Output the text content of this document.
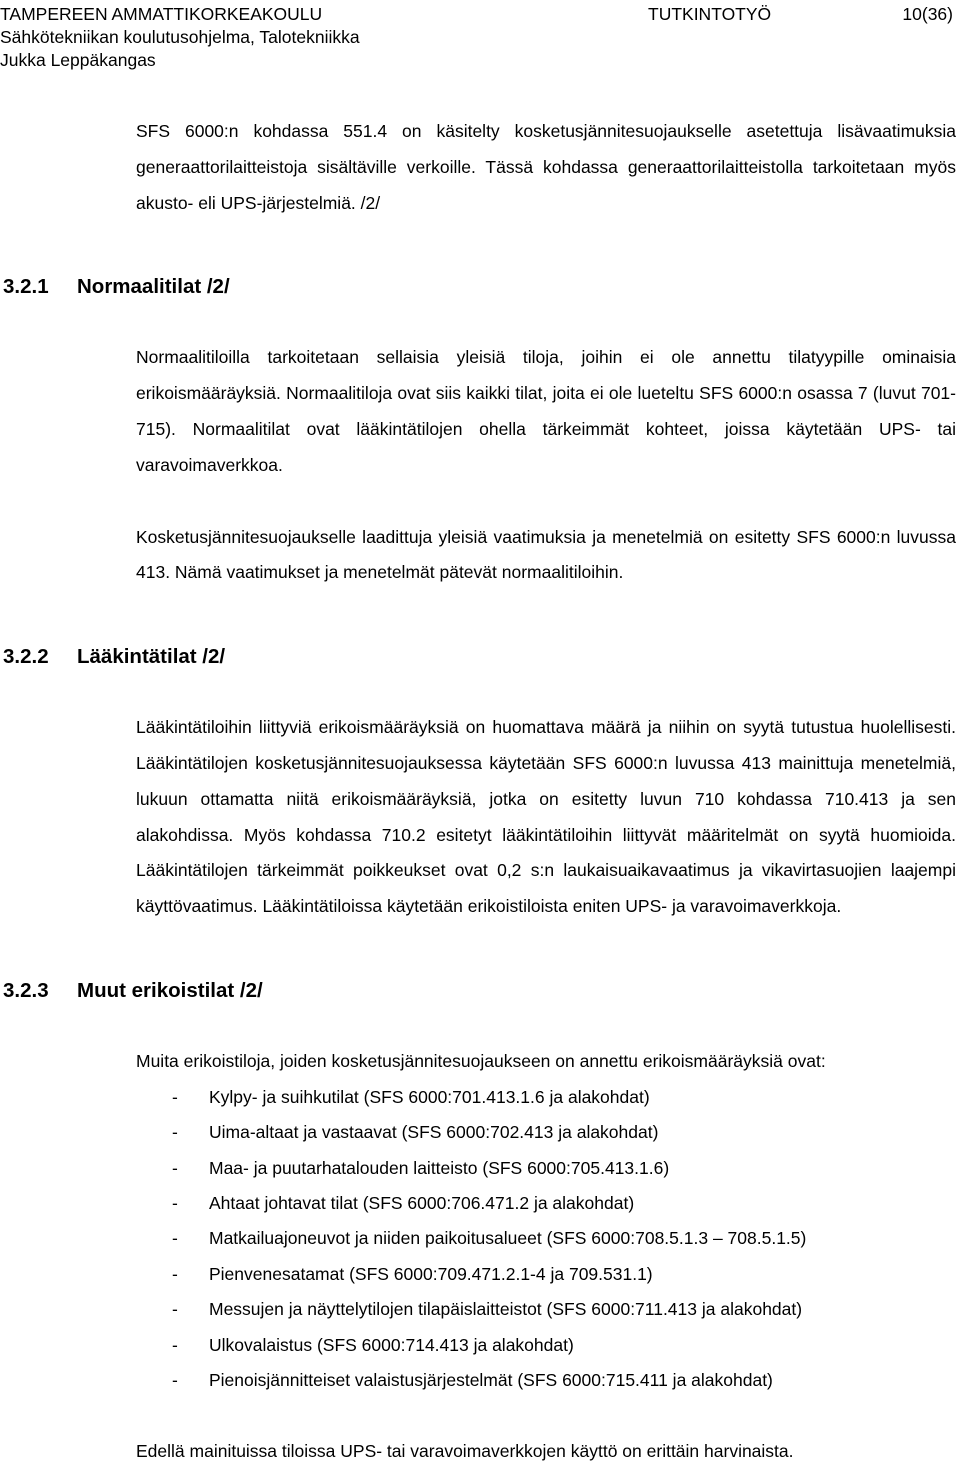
TAMPEREEN AMMATTIKORKEAKOULU	TUTKINTOTYÖ	10(36)
Sähkötekniikan koulutusohjelma, Talotekniikka
Jukka Leppäkangas

SFS 6000:n kohdassa 551.4 on käsitelty kosketusjännitesuojaukselle asetettuja lisävaatimuksia generaattorilaitteistoja sisältäville verkoille. Tässä kohdassa generaattorilaitteistolla tarkoitetaan myös akusto- eli UPS-järjestelmiä. /2/

3.2.1 Normaalitilat /2/

Normaalitiloilla tarkoitetaan sellaisia yleisiä tiloja, joihin ei ole annettu tilatyypille ominaisia erikoismääräyksiä. Normaalitiloja ovat siis kaikki tilat, joita ei ole lueteltu SFS 6000:n osassa 7 (luvut 701-715). Normaalitilat ovat lääkintätilojen ohella tärkeimmät kohteet, joissa käytetään UPS- tai varavoimaverkkoa.

Kosketusjännitesuojaukselle laadittuja yleisiä vaatimuksia ja menetelmiä on esitetty SFS 6000:n luvussa 413. Nämä vaatimukset ja menetelmät pätevät normaalitiloihin.

3.2.2 Lääkintätilat /2/

Lääkintätiloihin liittyviä erikoismääräyksiä on huomattava määrä ja niihin on syytä tutustua huolellisesti. Lääkintätilojen kosketusjännitesuojauksessa käytetään SFS 6000:n luvussa 413 mainittuja menetelmiä, lukuun ottamatta niitä erikoismääräyksiä, jotka on esitetty luvun 710 kohdassa 710.413 ja sen alakohdissa. Myös kohdassa 710.2 esitetyt lääkintätiloihin liittyvät määritelmät on syytä huomioida. Lääkintätilojen tärkeimmät poikkeukset ovat 0,2 s:n laukaisuaikavaatimus ja vikavirtasuojien laajempi käyttövaatimus. Lääkintätiloissa käytetään erikoistiloista eniten UPS- ja varavoimaverkkoja.

3.2.3 Muut erikoistilat /2/

Muita erikoistiloja, joiden kosketusjännitesuojaukseen on annettu erikoismääräyksiä ovat:

- Kylpy- ja suihkutilat (SFS 6000:701.413.1.6 ja alakohdat)
- Uima-altaat ja vastaavat (SFS 6000:702.413 ja alakohdat)
- Maa- ja puutarhatalouden laitteisto (SFS 6000:705.413.1.6)
- Ahtaat johtavat tilat (SFS 6000:706.471.2 ja alakohdat)
- Matkailuajoneuvot ja niiden paikoitusalueet (SFS 6000:708.5.1.3 – 708.5.1.5)
- Pienvenesatamat (SFS 6000:709.471.2.1-4 ja 709.531.1)
- Messujen ja näyttelytilojen tilapäislaitteistot (SFS 6000:711.413 ja alakohdat)
- Ulkovalaistus (SFS 6000:714.413 ja alakohdat)
- Pienoisjännitteiset valaistusjärjestelmät (SFS 6000:715.411 ja alakohdat)

Edellä mainituissa tiloissa UPS- tai varavoimaverkkojen käyttö on erittäin harvinaista.
